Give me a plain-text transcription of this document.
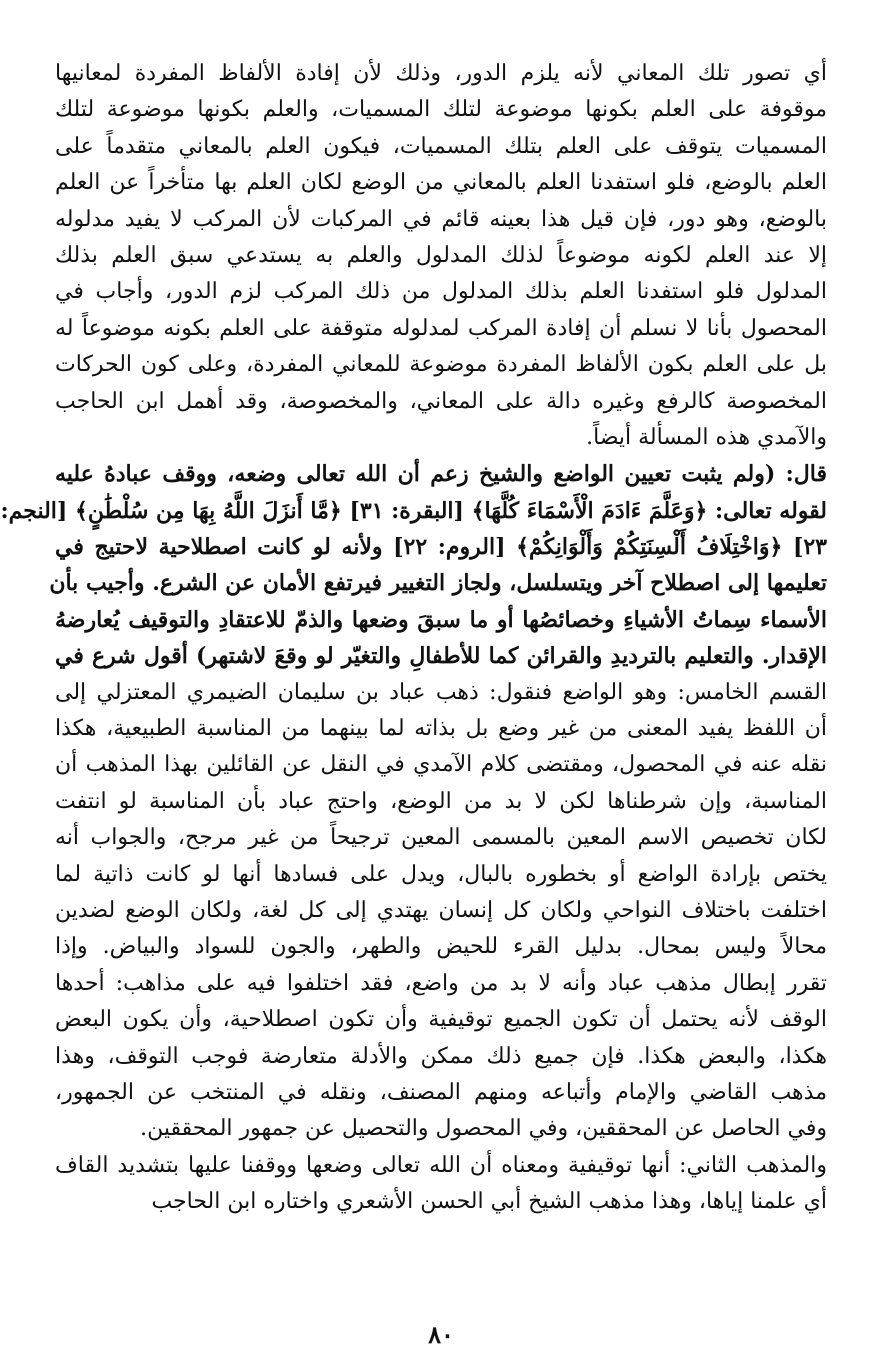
أي تصور تلك المعاني لأنه يلزم الدور، وذلك لأن إفادة الألفاظ المفردة لمعانيها
موقوفة على العلم بكونها موضوعة لتلك المسميات، والعلم بكونها موضوعة لتلك
المسميات يتوقف على العلم بتلك المسميات، فيكون العلم بالمعاني متقدماً على
العلم بالوضع، فلو استفدنا العلم بالمعاني من الوضع لكان العلم بها متأخراً عن العلم
بالوضع، وهو دور، فإن قيل هذا بعينه قائم في المركبات لأن المركب لا يفيد مدلوله
إلا عند العلم لكونه موضوعاً لذلك المدلول والعلم به يستدعي سبق العلم بذلك
المدلول فلو استفدنا العلم بذلك المدلول من ذلك المركب لزم الدور، وأجاب في
المحصول بأنا لا نسلم أن إفادة المركب لمدلوله متوقفة على العلم بكونه موضوعاً له
بل على العلم بكون الألفاظ المفردة موضوعة للمعاني المفردة، وعلى كون الحركات
المخصوصة كالرفع وغيره دالة على المعاني، والمخصوصة، وقد أهمل ابن الحاجب
والآمدي هذه المسألة أيضاً.
قال: (ولم يثبت تعيين الواضع والشيخ زعم أن الله تعالى وضعه، ووقف عبادهُ عليه
لقوله تعالى: ﴿وَعَلَّمَ ءَادَمَ الْأَسْمَاءَ كُلَّهَا﴾ [البقرة: ٣١] ﴿مَّا أَنزَلَ اللَّهُ بِهَا مِن سُلْطَٰنٍ﴾ [النجم:
٢٣] ﴿وَاخْتِلَافُ أَلْسِنَتِكُمْ وَأَلْوَانِكُمْ﴾ [الروم: ٢٢] ولأنه لو كانت اصطلاحية لاحتيج في
تعليمها إلى اصطلاح آخر ويتسلسل، ولجاز التغيير فيرتفع الأمان عن الشرع. وأجيب بأن
الأسماء سِماتُ الأشياءِ وخصائصُها أو ما سبقَ وضعها والذمّ للاعتقادِ والتوقيف يُعارضهُ
الإقدار. والتعليم بالترديدِ والقرائن كما للأطفالِ والتغيّر لو وقعَ لاشتهر) أقول شرع في
القسم الخامس: وهو الواضع فنقول: ذهب عباد بن سليمان الضيمري المعتزلي إلى
أن اللفظ يفيد المعنى من غير وضع بل بذاته لما بينهما من المناسبة الطبيعية، هكذا
نقله عنه في المحصول، ومقتضى كلام الآمدي في النقل عن القائلين بهذا المذهب أن
المناسبة، وإن شرطناها لكن لا بد من الوضع، واحتج عباد بأن المناسبة لو انتفت
لكان تخصيص الاسم المعين بالمسمى المعين ترجيحاً من غير مرجح، والجواب أنه
يختص بإرادة الواضع أو بخطوره بالبال، ويدل على فسادها أنها لو كانت ذاتية لما
اختلفت باختلاف النواحي ولكان كل إنسان يهتدي إلى كل لغة، ولكان الوضع لضدين
محالاً وليس بمحال. بدليل القرء للحيض والطهر، والجون للسواد والبياض. وإذا
تقرر إبطال مذهب عباد وأنه لا بد من واضع، فقد اختلفوا فيه على مذاهب: أحدها
الوقف لأنه يحتمل أن تكون الجميع توقيفية وأن تكون اصطلاحية، وأن يكون البعض
هكذا، والبعض هكذا. فإن جميع ذلك ممكن والأدلة متعارضة فوجب التوقف، وهذا
مذهب القاضي والإمام وأتباعه ومنهم المصنف، ونقله في المنتخب عن الجمهور،
وفي الحاصل عن المحققين، وفي المحصول والتحصيل عن جمهور المحققين.
والمذهب الثاني: أنها توقيفية ومعناه أن الله تعالى وضعها ووقفنا عليها بتشديد القاف
أي علمنا إياها، وهذا مذهب الشيخ أبي الحسن الأشعري واختاره ابن الحاجب
٨٠
